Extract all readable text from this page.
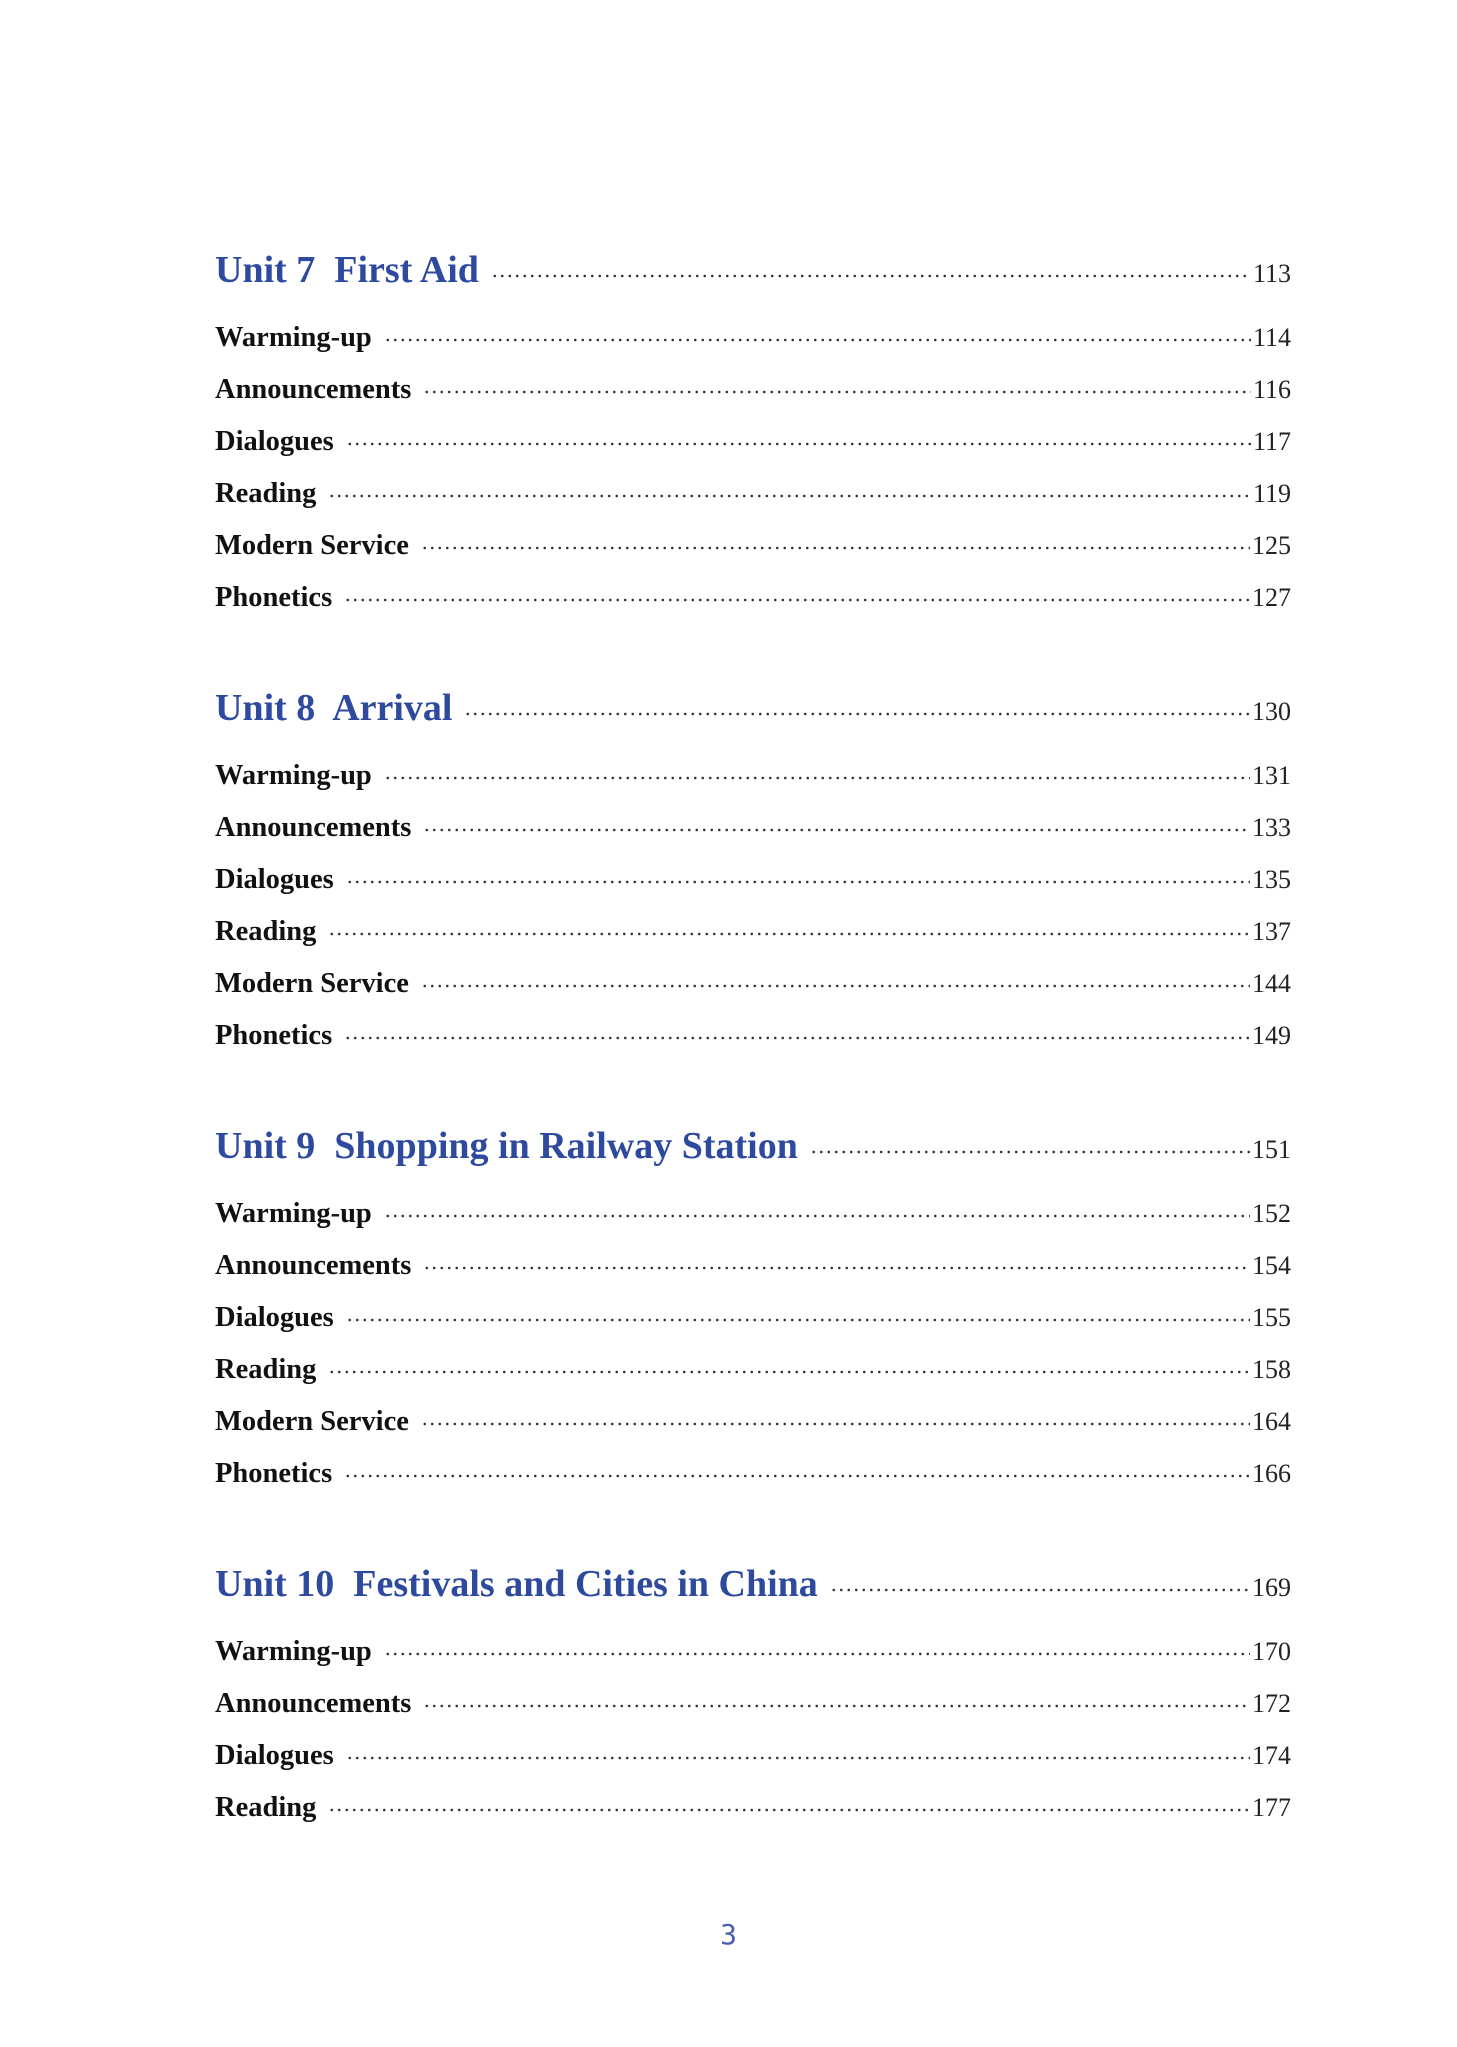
Unit 7  First Aid	113
Warming-up	114
Announcements	116
Dialogues	117
Reading	119
Modern Service	125
Phonetics	127
Unit 8  Arrival	130
Warming-up	131
Announcements	133
Dialogues	135
Reading	137
Modern Service	144
Phonetics	149
Unit 9  Shopping in Railway Station	151
Warming-up	152
Announcements	154
Dialogues	155
Reading	158
Modern Service	164
Phonetics	166
Unit 10  Festivals and Cities in China	169
Warming-up	170
Announcements	172
Dialogues	174
Reading	177
3
